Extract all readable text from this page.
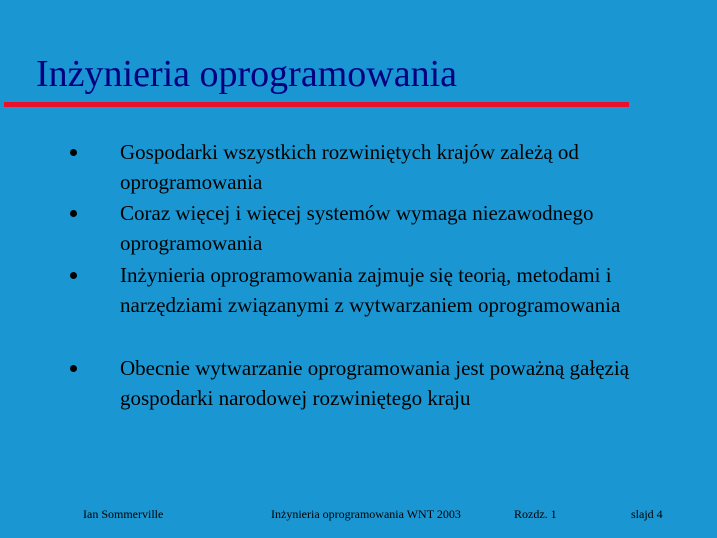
Inżynieria oprogramowania
Gospodarki wszystkich rozwiniętych krajów zależą od oprogramowania
Coraz więcej i więcej systemów wymaga niezawodnego oprogramowania
Inżynieria oprogramowania zajmuje się teorią, metodami i narzędziami związanymi z wytwarzaniem oprogramowania
Obecnie wytwarzanie oprogramowania jest poważną gałęzią gospodarki narodowej rozwiniętego kraju
Ian Sommerville	Inżynieria oprogramowania WNT 2003	Rozdz. 1	slajd 4
